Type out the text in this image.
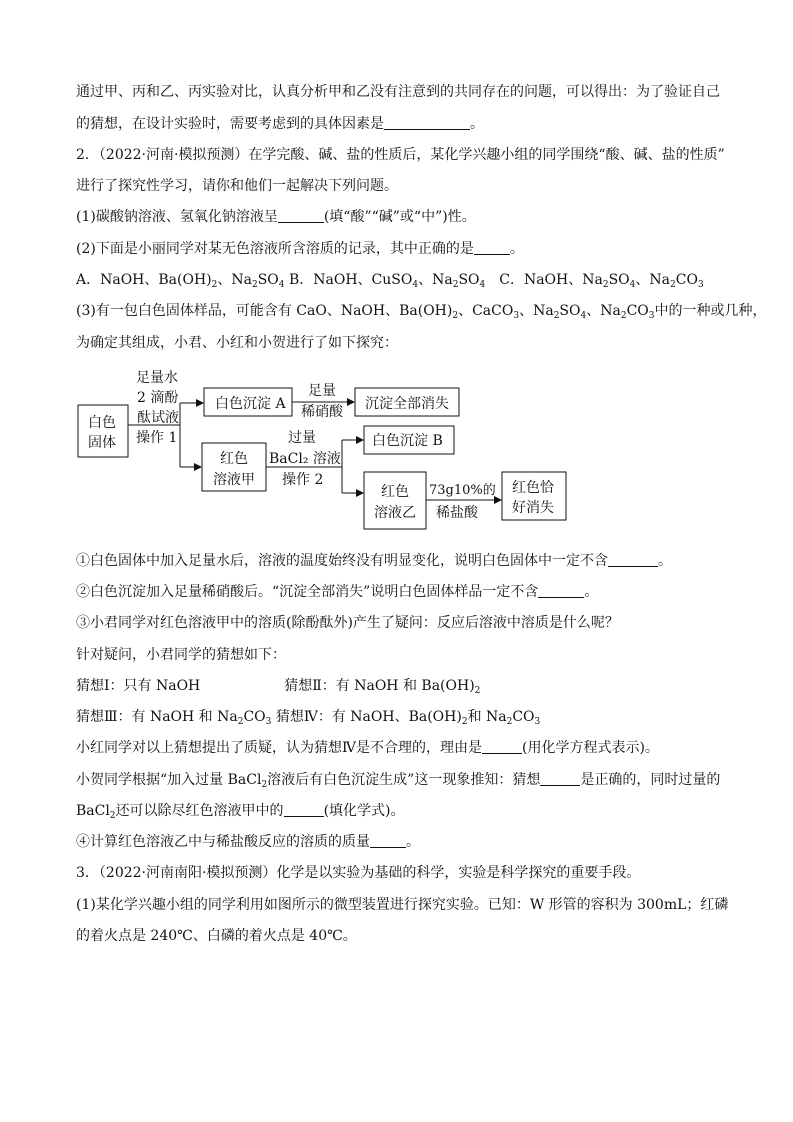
通过甲、丙和乙、丙实验对比，认真分析甲和乙没有注意到的共同存在的问题，可以得出：为了验证自己
的猜想，在设计实验时，需要考虑到的具体因素是	。
2．（2022·河南·模拟预测）在学完酸、碱、盐的性质后，某化学兴趣小组的同学围绕“酸、碱、盐的性质”
进行了探究性学习，请你和他们一起解决下列问题。
(1)碳酸钠溶液、氢氧化钠溶液呈	(填“酸”“碱”或“中”)性。
(2)下面是小丽同学对某无色溶液所含溶质的记录，其中正确的是	。
A．NaOH、$Ba(OH)_2$、$Na_2SO_4$ B．NaOH、CuSO$_4$、$Na_2SO_4$　C．NaOH、$Na_2SO_4$、$Na_2CO_3$
(3)有一包白色固体样品，可能含有 CaO、NaOH、$Ba(OH)_2$、CaCO$_3$、$Na_2SO_4$、$Na_2CO_3$中的一种或几种，
为确定其组成，小君、小红和小贺进行了如下探究：
①白色固体中加入足量水后，溶液的温度始终没有明显变化，说明白色固体中一定不含	。
②白色沉淀加入足量稀硝酸后。“沉淀全部消失”说明白色固体样品一定不含	。
③小君同学对红色溶液甲中的溶质(除酚酞外)产生了疑问：反应后溶液中溶质是什么呢？
针对疑问，小君同学的猜想如下：
猜想Ⅰ：只有 NaOH　　　　　　猜想Ⅱ：有 NaOH 和 $Ba(OH)_2$
猜想Ⅲ：有 NaOH 和 $Na_2CO_3$ 猜想Ⅳ：有 NaOH、$Ba(OH)_2$和 $Na_2CO_3$
小红同学对以上猜想提出了质疑，认为猜想Ⅳ是不合理的，理由是	(用化学方程式表示)。
小贺同学根据“加入过量 BaCl$_2$溶液后有白色沉淀生成”这一现象推知：猜想	是正确的，同时过量的
BaCl$_2$还可以除尽红色溶液甲中的	(填化学式)。
④计算红色溶液乙中与稀盐酸反应的溶质的质量	。
3．（2022·河南南阳·模拟预测）化学是以实验为基础的科学，实验是科学探究的重要手段。
(1)某化学兴趣小组的同学利用如图所示的微型装置进行探究实验。已知：W 形管的容积为 300mL；红磷
的着火点是 240℃、白磷的着火点是 40℃。
白色
固体
足量水
2 滴酚
酞试液
操作 1
白色沉淀 A
足量
稀硝酸 沉淀全部消失
红色
溶液甲
过量
BaCl₂ 溶液
操作 2
白色沉淀 B
红色
溶液乙
73g10%的
稀盐酸
红色恰
好消失
